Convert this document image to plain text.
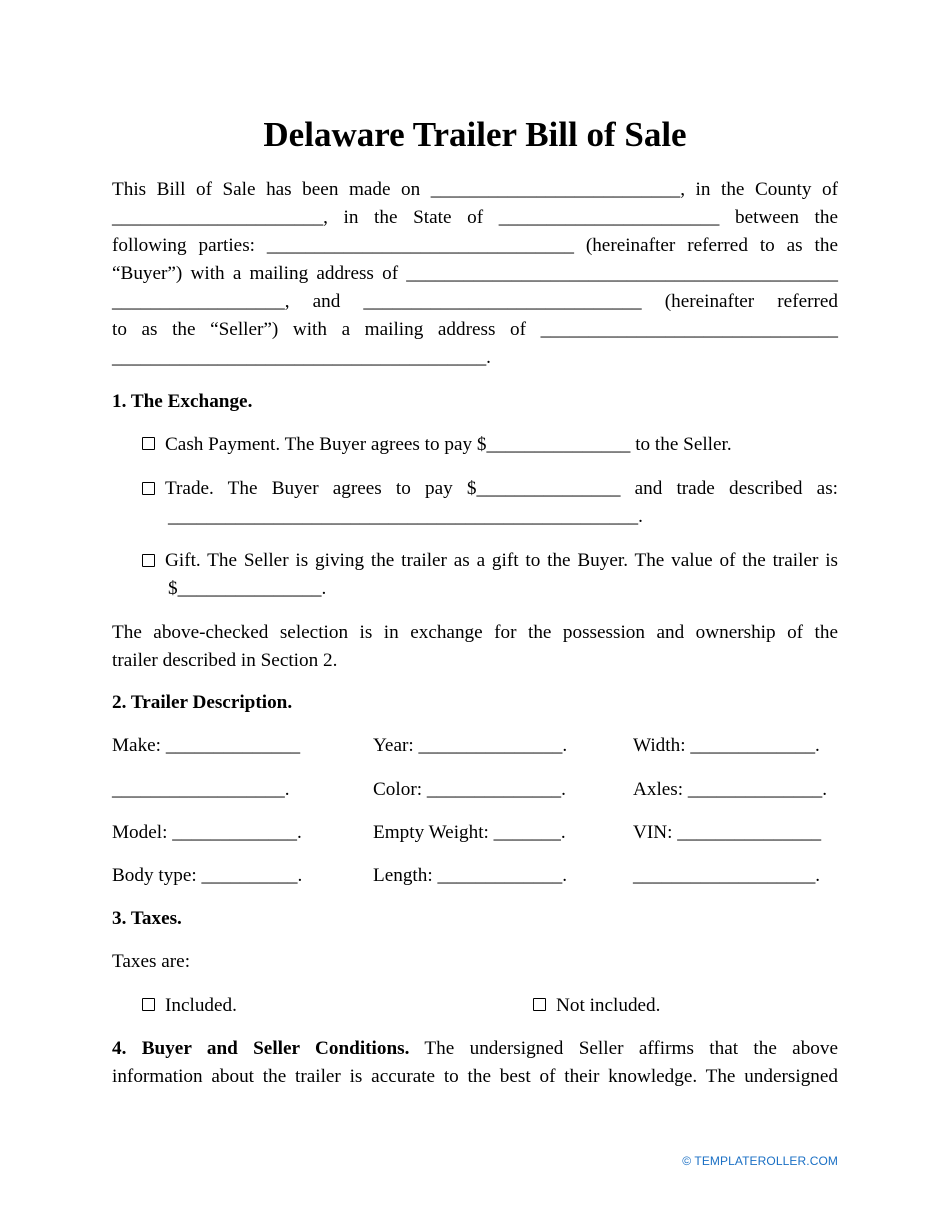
Delaware Trailer Bill of Sale
This Bill of Sale has been made on __________________________, in the County of
______________________, in the State of _______________________ between the
following parties: ________________________________ (hereinafter referred to as the
“Buyer”) with a mailing address of _____________________________________________
__________________, and _____________________________ (hereinafter referred
to as the “Seller”) with a mailing address of _______________________________
_______________________________________.
1. The Exchange.
Cash Payment. The Buyer agrees to pay $_______________ to the Seller.
Trade. The Buyer agrees to pay $_______________ and trade described as:
_________________________________________________.
Gift. The Seller is giving the trailer as a gift to the Buyer. The value of the trailer is
$_______________.
The above-checked selection is in exchange for the possession and ownership of the
trailer described in Section 2.
2. Trailer Description.
Make: ______________	Year: _______________.	Width: _____________.
__________________.	Color: ______________.	Axles: ______________.
Model: _____________.	Empty Weight: _______.	VIN: _______________
Body type: __________.	Length: _____________.	___________________.
3. Taxes.
Taxes are:
Included.	Not included.
4. Buyer and Seller Conditions. The undersigned Seller affirms that the above
information about the trailer is accurate to the best of their knowledge. The undersigned
© TEMPLATEROLLER.COM
